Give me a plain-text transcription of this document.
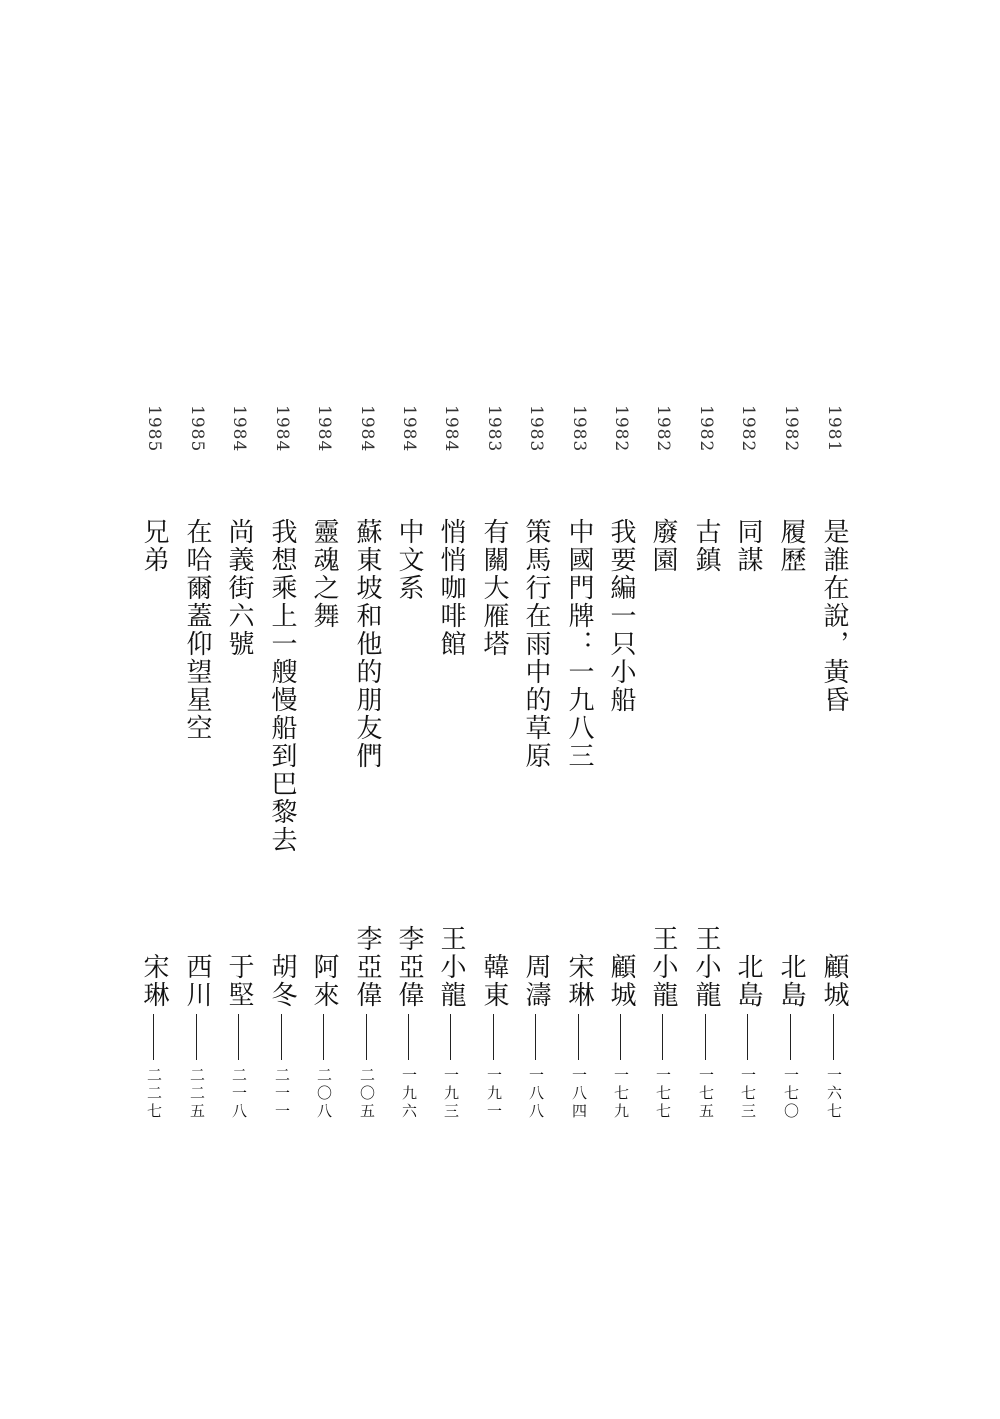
1981
是誰在說，黃昏
顧城
一六七
1982
履歷
北島
一七〇
1982
同謀
北島
一七三
1982
古鎮
王小龍
一七五
1982
廢園
王小龍
一七七
1982
我要編一只小船
顧城
一七九
1983
中國門牌：一九八三
宋琳
一八四
1983
策馬行在雨中的草原
周濤
一八八
1983
有關大雁塔
韓東
一九一
1984
悄悄咖啡館
王小龍
一九三
1984
中文系
李亞偉
一九六
1984
蘇東坡和他的朋友們
李亞偉
二〇五
1984
靈魂之舞
阿來
二〇八
1984
我想乘上一艘慢船到巴黎去
胡冬
二一一
1984
尚義街六號
于堅
二一八
1985
在哈爾蓋仰望星空
西川
二二五
1985
兄弟
宋琳
二二七
